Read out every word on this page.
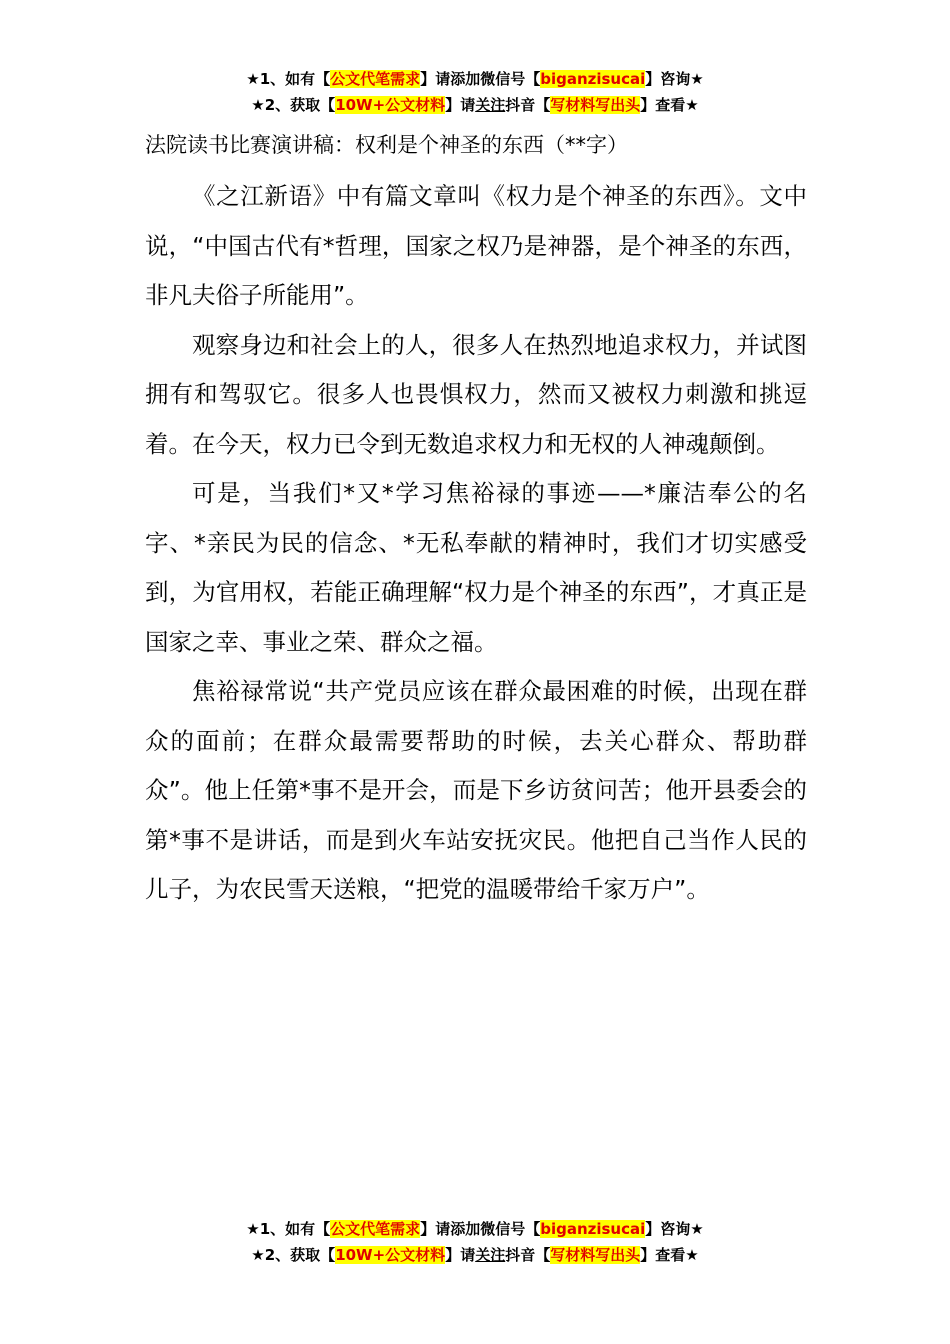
★1、如有【公文代笔需求】请添加微信号【biganzisucai】咨询★
★2、获取【10W+公文材料】请关注抖音【写材料写出头】查看★
法院读书比赛演讲稿：权利是个神圣的东西（**字）

《之江新语》中有篇文章叫《权力是个神圣的东西》。文中说，“中国古代有*哲理，国家之权乃是神器，是个神圣的东西，非凡夫俗子所能用”。

观察身边和社会上的人，很多人在热烈地追求权力，并试图拥有和驾驭它。很多人也畏惧权力，然而又被权力刺激和挑逗着。在今天，权力已令到无数追求权力和无权的人神魂颠倒。

可是，当我们*又*学习焦裕禄的事迹——*廉洁奉公的名字、*亲民为民的信念、*无私奉献的精神时，我们才切实感受到，为官用权，若能正确理解“权力是个神圣的东西”，才真正是国家之幸、事业之荣、群众之福。

焦裕禄常说“共产党员应该在群众最困难的时候，出现在群众的面前；在群众最需要帮助的时候，去关心群众、帮助群众”。他上任第*事不是开会，而是下乡访贫问苦；他开县委会的第*事不是讲话，而是到火车站安抚灾民。他把自己当作人民的儿子，为农民雪天送粮，“把党的温暖带给千家万户”。

★1、如有【公文代笔需求】请添加微信号【biganzisucai】咨询★
★2、获取【10W+公文材料】请关注抖音【写材料写出头】查看★
